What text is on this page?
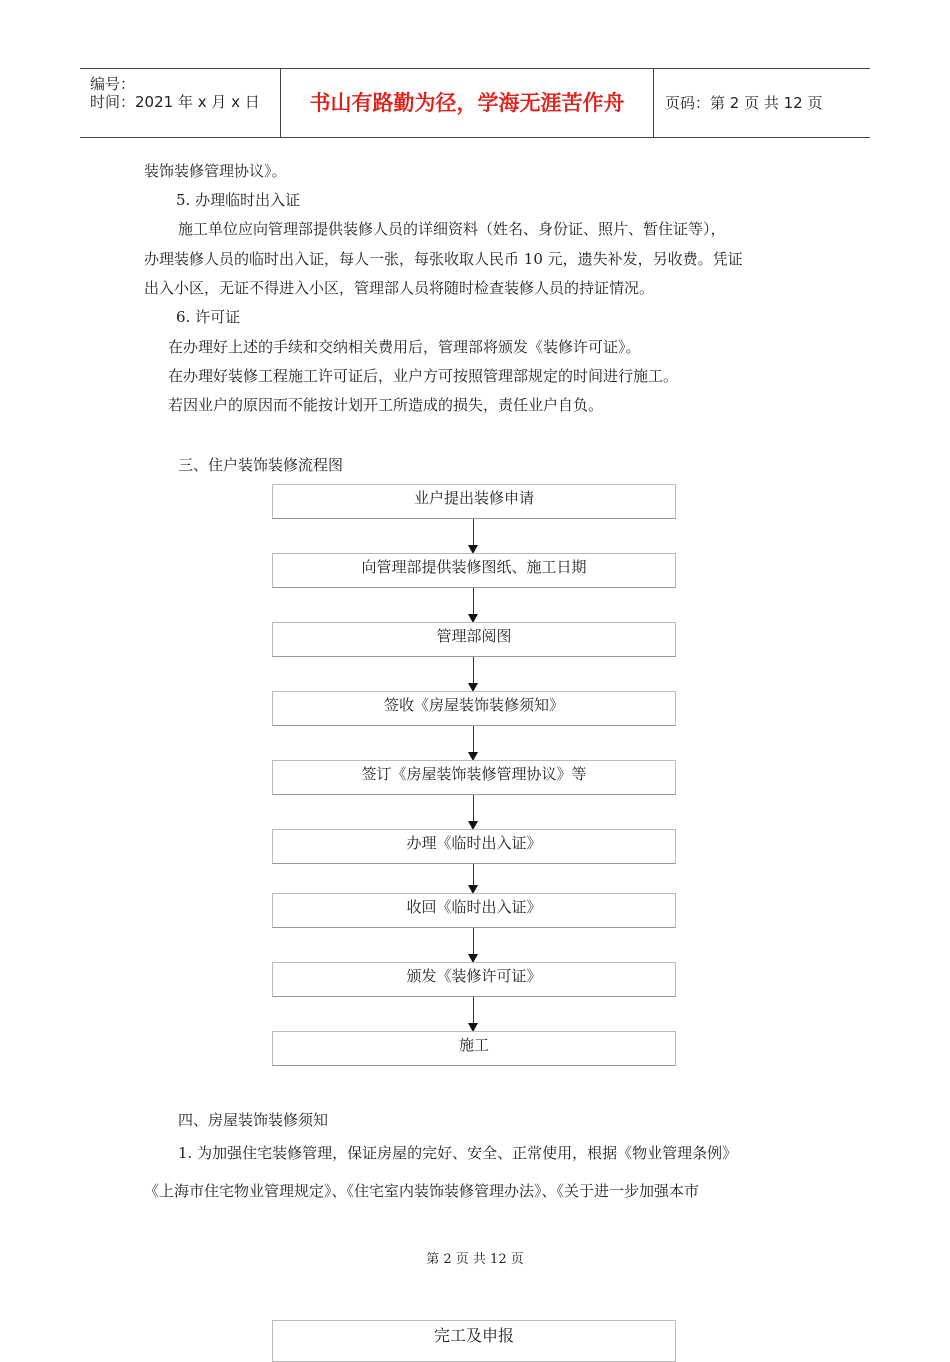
编号：
时间：2021 年 x 月 x 日	书山有路勤为径，学海无涯苦作舟	页码：第 2 页 共 12 页
装饰装修管理协议》。
5. 办理临时出入证
施工单位应向管理部提供装修人员的详细资料（姓名、身份证、照片、暂住证等），
办理装修人员的临时出入证，每人一张，每张收取人民币 10 元，遗失补发，另收费。凭证
出入小区，无证不得进入小区，管理部人员将随时检查装修人员的持证情况。
6. 许可证
在办理好上述的手续和交纳相关费用后，管理部将颁发《装修许可证》。
在办理好装修工程施工许可证后，业户方可按照管理部规定的时间进行施工。
若因业户的原因而不能按计划开工所造成的损失，责任业户自负。
三、住户装饰装修流程图
业户提出装修申请
向管理部提供装修图纸、施工日期
管理部阅图
签收《房屋装饰装修须知》
签订《房屋装饰装修管理协议》等
办理《临时出入证》
收回《临时出入证》
颁发《装修许可证》
施工
四、房屋装饰装修须知
1. 为加强住宅装修管理，保证房屋的完好、安全、正常使用，根据《物业管理条例》
《上海市住宅物业管理规定》、《住宅室内装饰装修管理办法》、《关于进一步加强本市
第 2 页 共 12 页
完工及申报
